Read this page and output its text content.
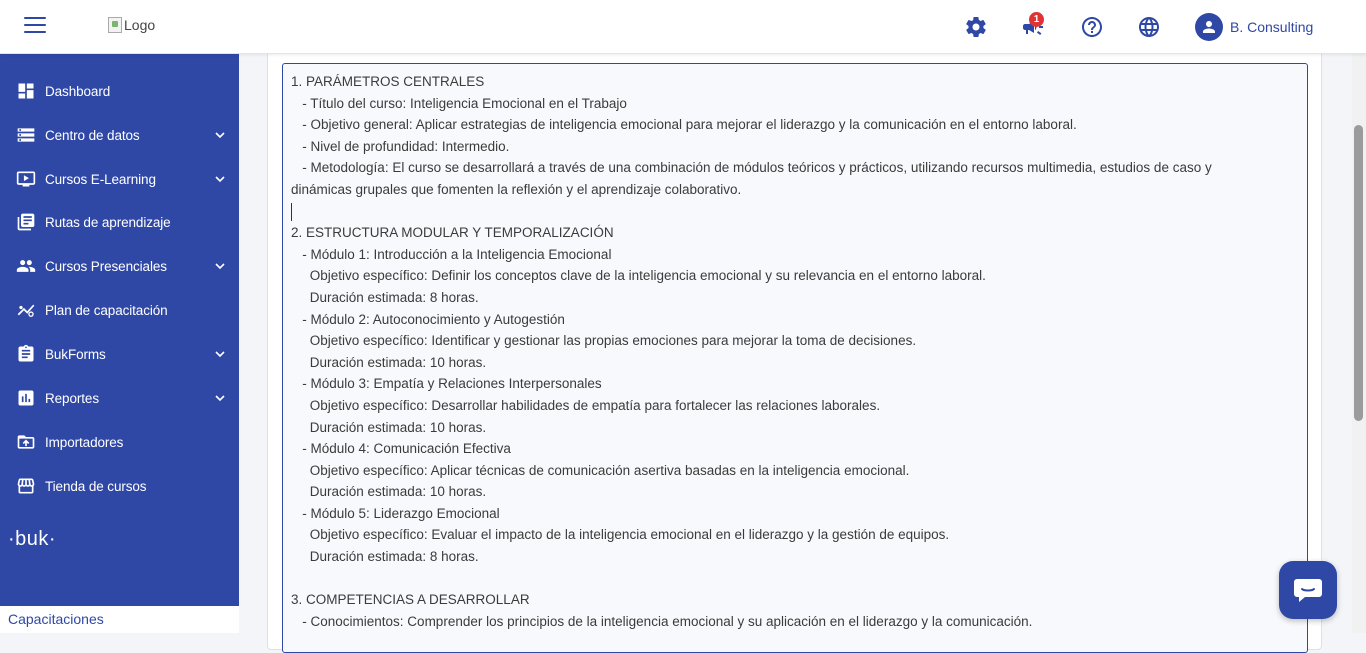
Logo	1	B. Consulting
Dashboard
Centro de datos
Cursos E-Learning
Rutas de aprendizaje
Cursos Presenciales
Plan de capacitación
BukForms
Reportes
Importadores
Tienda de cursos
·buk·
Capacitaciones
1. PARÁMETROS CENTRALES
- Título del curso: Inteligencia Emocional en el Trabajo
- Objetivo general: Aplicar estrategias de inteligencia emocional para mejorar el liderazgo y la comunicación en el entorno laboral.
- Nivel de profundidad: Intermedio.
- Metodología: El curso se desarrollará a través de una combinación de módulos teóricos y prácticos, utilizando recursos multimedia, estudios de caso y
dinámicas grupales que fomenten la reflexión y el aprendizaje colaborativo.
2. ESTRUCTURA MODULAR Y TEMPORALIZACIÓN
- Módulo 1: Introducción a la Inteligencia Emocional
Objetivo específico: Definir los conceptos clave de la inteligencia emocional y su relevancia en el entorno laboral.
Duración estimada: 8 horas.
- Módulo 2: Autoconocimiento y Autogestión
Objetivo específico: Identificar y gestionar las propias emociones para mejorar la toma de decisiones.
Duración estimada: 10 horas.
- Módulo 3: Empatía y Relaciones Interpersonales
Objetivo específico: Desarrollar habilidades de empatía para fortalecer las relaciones laborales.
Duración estimada: 10 horas.
- Módulo 4: Comunicación Efectiva
Objetivo específico: Aplicar técnicas de comunicación asertiva basadas en la inteligencia emocional.
Duración estimada: 10 horas.
- Módulo 5: Liderazgo Emocional
Objetivo específico: Evaluar el impacto de la inteligencia emocional en el liderazgo y la gestión de equipos.
Duración estimada: 8 horas.
3. COMPETENCIAS A DESARROLLAR
- Conocimientos: Comprender los principios de la inteligencia emocional y su aplicación en el liderazgo y la comunicación.
